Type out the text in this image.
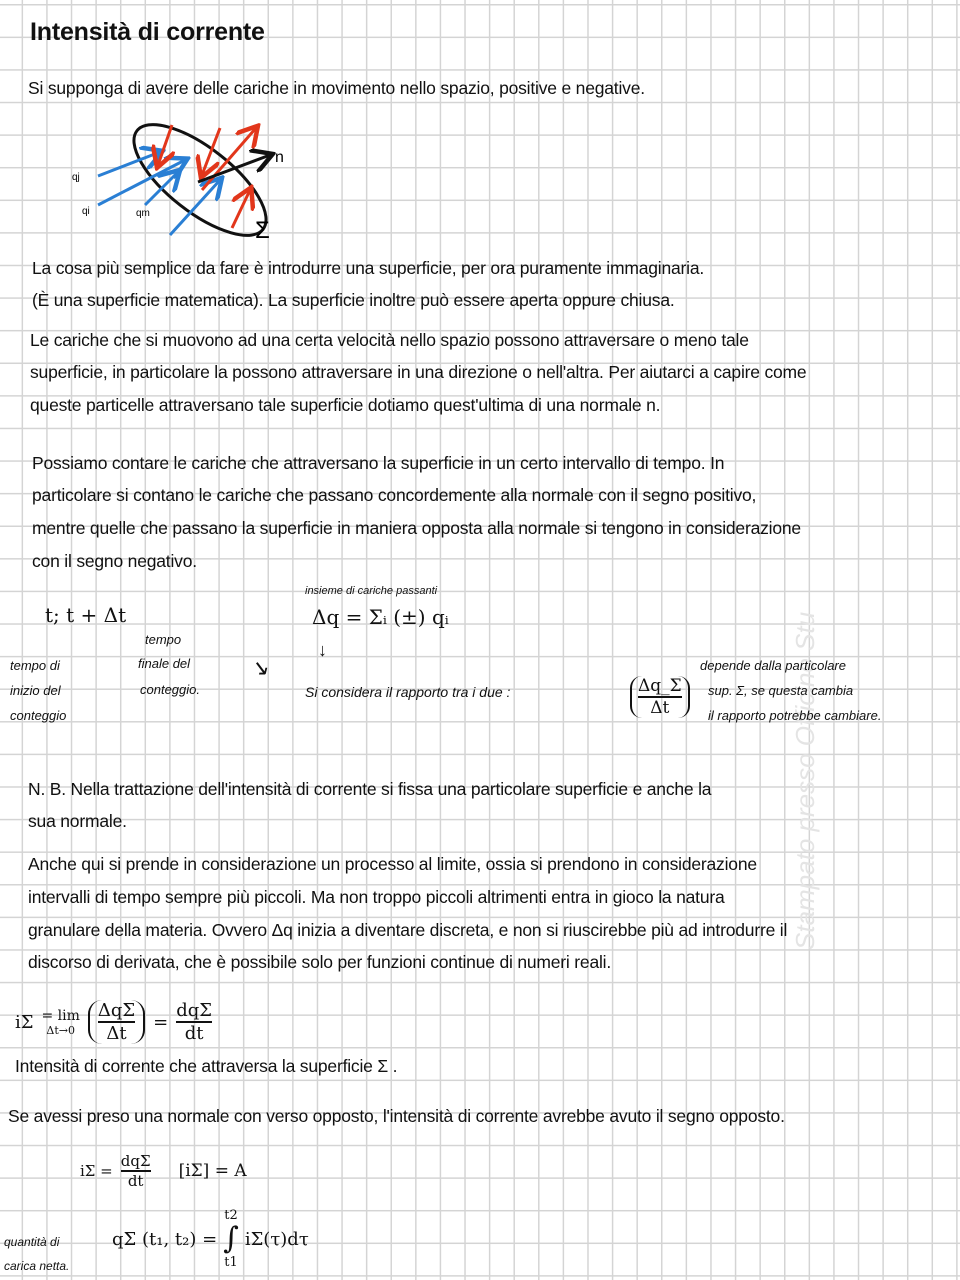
Stampato presso Officine Stu
Intensità di corrente
Si supponga di avere delle cariche in movimento nello spazio, positive e negative.
n
Σ
qj
qi	qm
La cosa più semplice da fare è introdurre una superficie, per ora puramente immaginaria.
(È una superficie matematica). La superficie inoltre può essere aperta oppure chiusa.
Le cariche che si muovono ad una certa velocità nello spazio possono attraversare o meno tale
superficie, in particolare la possono attraversare in una direzione o nell'altra. Per aiutarci a capire come
queste particelle attraversano tale superficie dotiamo quest'ultima di una normale n.
Possiamo contare le cariche che attraversano la superficie in un certo intervallo di tempo. In
particolare si contano le cariche che passano concordemente alla normale con il segno positivo,
mentre quelle che passano la superficie in maniera opposta alla normale si tengono in considerazione
con il segno negativo.
t; t + Δt
tempo di
inizio del
conteggio
tempo
finale del
conteggio.
↘
insieme di cariche passanti
Δq = Σᵢ (±) qᵢ
↓
Si considera il rapporto tra i due :	$\frac{\Delta q\_\Sigma}{\Delta t}$
depende dalla particolare
sup. Σ, se questa cambia
il rapporto potrebbe cambiare.
N. B. Nella trattazione dell'intensità di corrente si fissa una particolare superficie e anche la
sua normale.
Anche qui si prende in considerazione un processo al limite, ossia si prendono in considerazione
intervalli di tempo sempre più piccoli. Ma non troppo piccoli altrimenti entra in gioco la natura
granulare della materia. Ovvero Δq inizia a diventare discreta, e non si riuscirebbe più ad introdurre il
discorso di derivata, che è possibile solo per funzioni continue di numeri reali.
iΣ = lim
Δt→0
ΔqΣ
Δt
=
dqΣ
dt
Intensità di corrente che attraversa la superficie Σ .
Se avessi preso una normale con verso opposto, l'intensità di corrente avrebbe avuto il segno opposto.
iΣ =
dqΣ
dt [iΣ] = A
quantità di
carica netta.
qΣ (t₁, t₂) =
t2
∫
t1
iΣ(τ)dτ
